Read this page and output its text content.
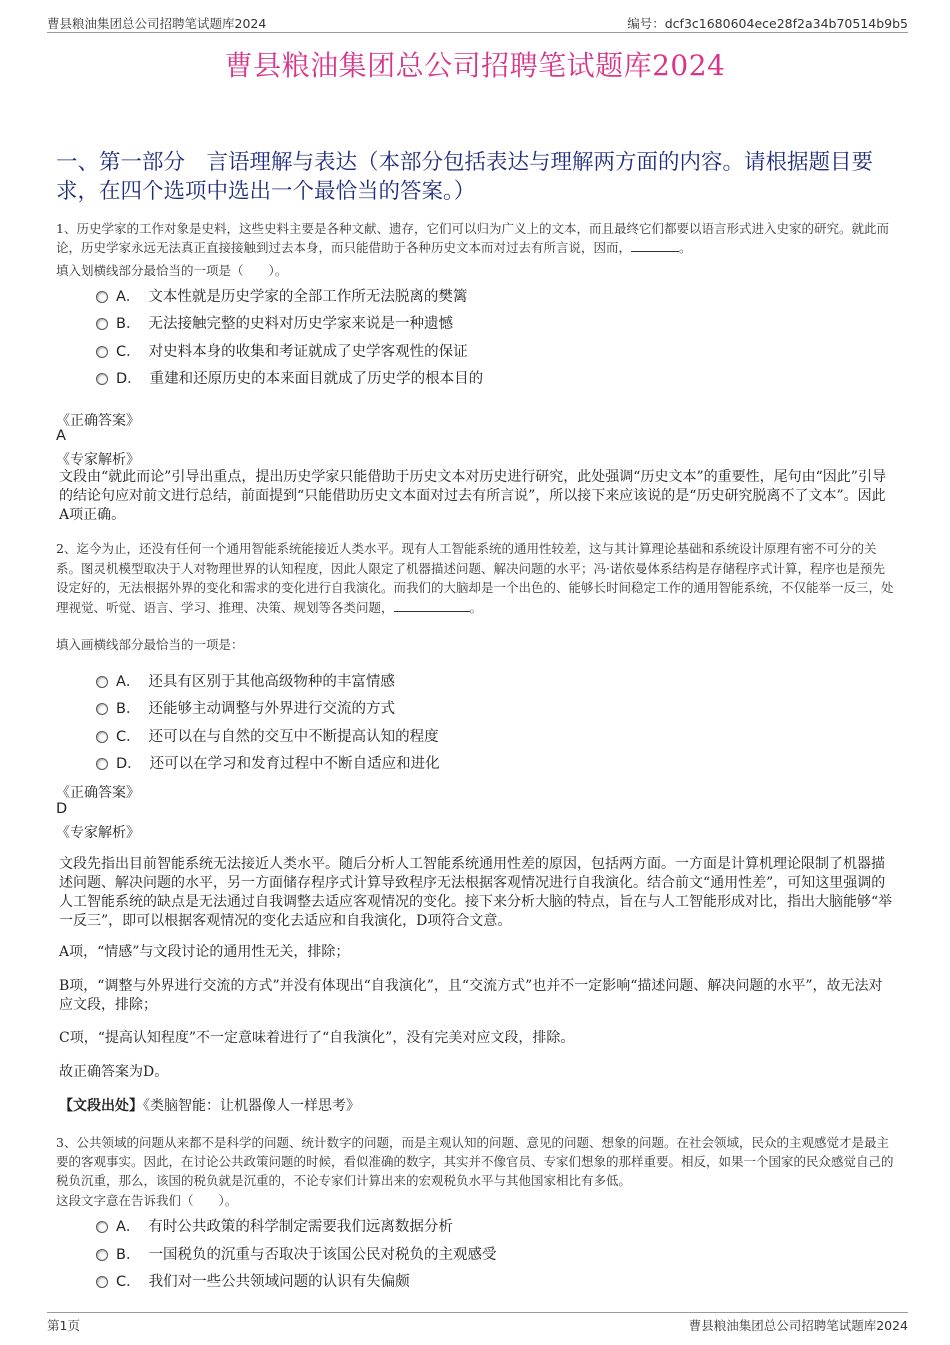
曹县粮油集团总公司招聘笔试题库2024	编号：dcf3c1680604ece28f2a34b70514b9b5
曹县粮油集团总公司招聘笔试题库2024
一、第一部分　言语理解与表达（本部分包括表达与理解两方面的内容。请根据题目要求，在四个选项中选出一个最恰当的答案。）
1、历史学家的工作对象是史料，这些史料主要是各种文献、遗存，它们可以归为广义上的文本，而且最终它们都要以语言形式进入史家的研究。就此而论，历史学家永远无法真正直接接触到过去本身，而只能借助于各种历史文本而对过去有所言说，因而，	。
填入划横线部分最恰当的一项是（　　）。
A． 文本性就是历史学家的全部工作所无法脱离的樊篱
B． 无法接触完整的史料对历史学家来说是一种遗憾
C． 对史料本身的收集和考证就成了史学客观性的保证
D． 重建和还原历史的本来面目就成了历史学的根本目的
《正确答案》
A
《专家解析》
文段由“就此而论”引导出重点，提出历史学家只能借助于历史文本对历史进行研究，此处强调“历史文本”的重要性，尾句由“因此”引导的结论句应对前文进行总结，前面提到“只能借助历史文本面对过去有所言说”，所以接下来应该说的是“历史研究脱离不了文本”。因此A项正确。
2、迄今为止，还没有任何一个通用智能系统能接近人类水平。现有人工智能系统的通用性较差，这与其计算理论基础和系统设计原理有密不可分的关系。图灵机模型取决于人对物理世界的认知程度，因此人限定了机器描述问题、解决问题的水平；冯·诺依曼体系结构是存储程序式计算，程序也是预先设定好的，无法根据外界的变化和需求的变化进行自我演化。而我们的大脑却是一个出色的、能够长时间稳定工作的通用智能系统，不仅能举一反三，处理视觉、听觉、语言、学习、推理、决策、规划等各类问题，	。
填入画横线部分最恰当的一项是：
A． 还具有区别于其他高级物种的丰富情感
B． 还能够主动调整与外界进行交流的方式
C． 还可以在与自然的交互中不断提高认知的程度
D． 还可以在学习和发育过程中不断自适应和进化
《正确答案》
D
《专家解析》
文段先指出目前智能系统无法接近人类水平。随后分析人工智能系统通用性差的原因，包括两方面。一方面是计算机理论限制了机器描述问题、解决问题的水平，另一方面储存程序式计算导致程序无法根据客观情况进行自我演化。结合前文“通用性差”，可知这里强调的人工智能系统的缺点是无法通过自我调整去适应客观情况的变化。接下来分析大脑的特点，旨在与人工智能形成对比，指出大脑能够“举一反三”，即可以根据客观情况的变化去适应和自我演化，D项符合文意。
A项，“情感”与文段讨论的通用性无关，排除；
B项，“调整与外界进行交流的方式”并没有体现出“自我演化”，且“交流方式”也并不一定影响“描述问题、解决问题的水平”，故无法对应文段，排除；
C项，“提高认知程度”不一定意味着进行了“自我演化”，没有完美对应文段，排除。
故正确答案为D。
【文段出处】《类脑智能：让机器像人一样思考》
3、公共领域的问题从来都不是科学的问题、统计数字的问题，而是主观认知的问题、意见的问题、想象的问题。在社会领域，民众的主观感觉才是最主要的客观事实。因此，在讨论公共政策问题的时候，看似准确的数字，其实并不像官员、专家们想象的那样重要。相反，如果一个国家的民众感觉自己的税负沉重，那么，该国的税负就是沉重的，不论专家们计算出来的宏观税负水平与其他国家相比有多低。
这段文字意在告诉我们（　　）。
A． 有时公共政策的科学制定需要我们远离数据分析
B． 一国税负的沉重与否取决于该国公民对税负的主观感受
C． 我们对一些公共领域问题的认识有失偏颇
第1页	曹县粮油集团总公司招聘笔试题库2024
